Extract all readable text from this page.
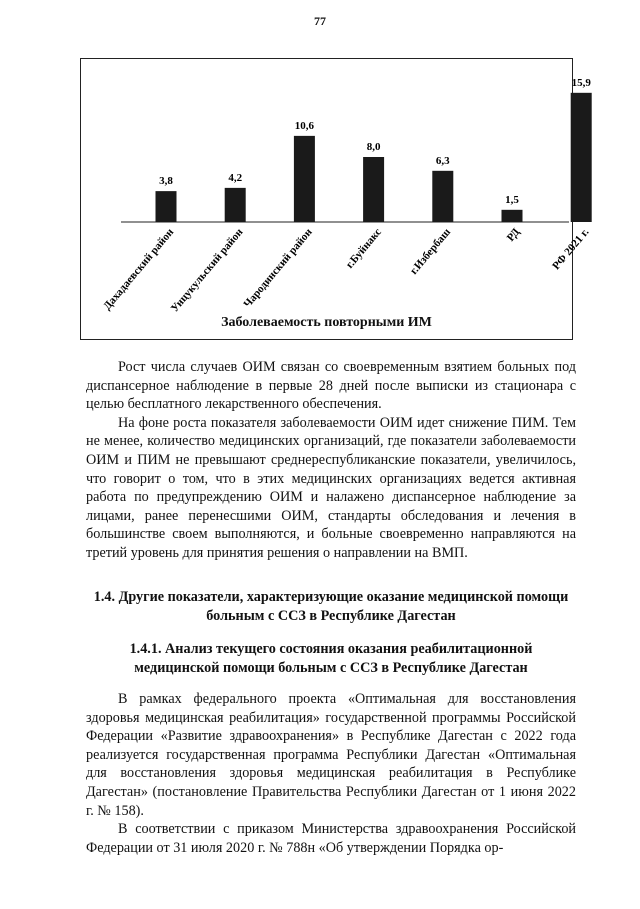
77
3,8
Дахадаевский район
4,2
Унцукульский район
10,6
Чародинский район
8,0
г.Буйнакс
6,3
г.Избербаш
1,5
РД
15,9
РФ 2021 г.
Заболеваемость повторными ИМ

Рост числа случаев ОИМ связан со своевременным взятием больных под диспансерное наблюдение в первые 28 дней после выписки из стационара с целью бесплатного лекарственного обеспечения.

На фоне роста показателя заболеваемости ОИМ идет снижение ПИМ. Тем не менее, количество медицинских организаций, где показатели заболеваемости ОИМ и ПИМ не превышают среднереспубликанские показатели, увеличилось, что говорит о том, что в этих медицинских организациях ведется активная работа по предупреждению ОИМ и налажено диспансерное наблюдение за лицами, ранее перенесшими ОИМ, стандарты обследования и лечения в большинстве своем выполняются, и больные своевременно направляются на третий уровень для принятия решения о направлении на ВМП.

1.4. Другие показатели, характеризующие оказание медицинской помощи больным с ССЗ в Республике Дагестан
1.4.1. Анализ текущего состояния оказания реабилитационной медицинской помощи больным с ССЗ в Республике Дагестан

В рамках федерального проекта «Оптимальная для восстановления здоровья медицинская реабилитация» государственной программы Российской Федерации «Развитие здравоохранения» в Республике Дагестан с 2022 года реализуется государственная программа Республики Дагестан «Оптимальная для восстановления здоровья медицинская реабилитация в Республике Дагестан» (постановление Правительства Республики Дагестан от 1 июня 2022 г. № 158).

В соответствии с приказом Министерства здравоохранения Российской Федерации от 31 июля 2020 г. № 788н «Об утверждении Порядка ор-
